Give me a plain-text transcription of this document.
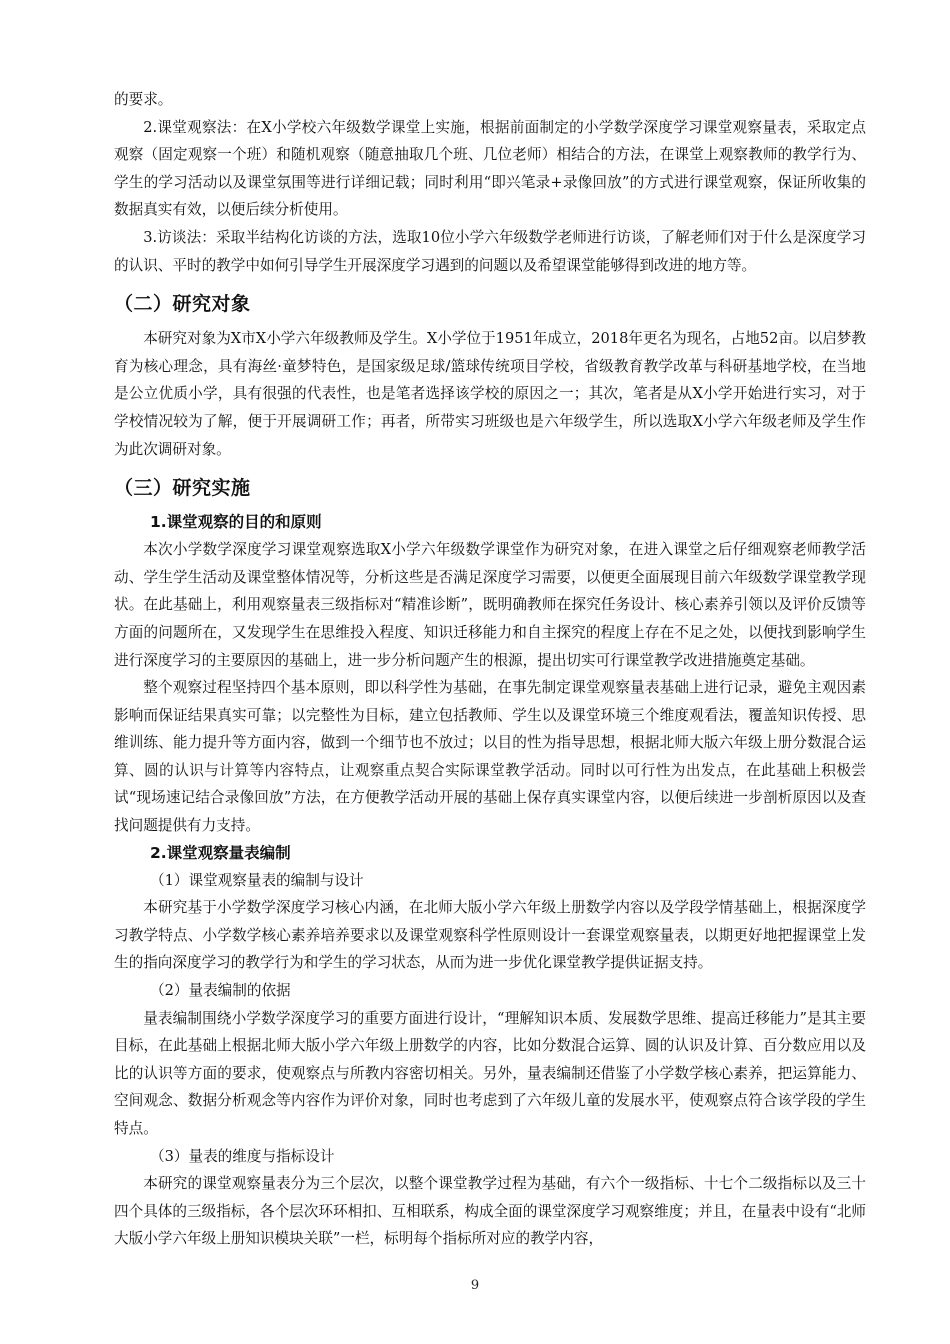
的要求。

2.课堂观察法：在X小学校六年级数学课堂上实施，根据前面制定的小学数学深度学习课堂观察量表，采取定点观察（固定观察一个班）和随机观察（随意抽取几个班、几位老师）相结合的方法，在课堂上观察教师的教学行为、学生的学习活动以及课堂氛围等进行详细记载；同时利用“即兴笔录+录像回放”的方式进行课堂观察，保证所收集的数据真实有效，以便后续分析使用。

3.访谈法：采取半结构化访谈的方法，选取10位小学六年级数学老师进行访谈，了解老师们对于什么是深度学习的认识、平时的教学中如何引导学生开展深度学习遇到的问题以及希望课堂能够得到改进的地方等。

（二）研究对象

本研究对象为X市X小学六年级教师及学生。X小学位于1951年成立，2018年更名为现名，占地52亩。以启梦教育为核心理念，具有海丝·童梦特色，是国家级足球/篮球传统项目学校，省级教育教学改革与科研基地学校，在当地是公立优质小学，具有很强的代表性，也是笔者选择该学校的原因之一；其次，笔者是从X小学开始进行实习，对于学校情况较为了解，便于开展调研工作；再者，所带实习班级也是六年级学生，所以选取X小学六年级老师及学生作为此次调研对象。

（三）研究实施
1.课堂观察的目的和原则

本次小学数学深度学习课堂观察选取X小学六年级数学课堂作为研究对象，在进入课堂之后仔细观察老师教学活动、学生学生活动及课堂整体情况等，分析这些是否满足深度学习需要，以便更全面展现目前六年级数学课堂教学现状。在此基础上，利用观察量表三级指标对“精准诊断”，既明确教师在探究任务设计、核心素养引领以及评价反馈等方面的问题所在，又发现学生在思维投入程度、知识迁移能力和自主探究的程度上存在不足之处，以便找到影响学生进行深度学习的主要原因的基础上，进一步分析问题产生的根源，提出切实可行课堂教学改进措施奠定基础。

整个观察过程坚持四个基本原则，即以科学性为基础，在事先制定课堂观察量表基础上进行记录，避免主观因素影响而保证结果真实可靠；以完整性为目标，建立包括教师、学生以及课堂环境三个维度观看法，覆盖知识传授、思维训练、能力提升等方面内容，做到一个细节也不放过；以目的性为指导思想，根据北师大版六年级上册分数混合运算、圆的认识与计算等内容特点，让观察重点契合实际课堂教学活动。同时以可行性为出发点，在此基础上积极尝试“现场速记结合录像回放”方法，在方便教学活动开展的基础上保存真实课堂内容，以便后续进一步剖析原因以及查找问题提供有力支持。

2.课堂观察量表编制
（1）课堂观察量表的编制与设计

本研究基于小学数学深度学习核心内涵，在北师大版小学六年级上册数学内容以及学段学情基础上，根据深度学习教学特点、小学数学核心素养培养要求以及课堂观察科学性原则设计一套课堂观察量表，以期更好地把握课堂上发生的指向深度学习的教学行为和学生的学习状态，从而为进一步优化课堂教学提供证据支持。

（2）量表编制的依据

量表编制围绕小学数学深度学习的重要方面进行设计，“理解知识本质、发展数学思维、提高迁移能力”是其主要目标，在此基础上根据北师大版小学六年级上册数学的内容，比如分数混合运算、圆的认识及计算、百分数应用以及比的认识等方面的要求，使观察点与所教内容密切相关。另外，量表编制还借鉴了小学数学核心素养，把运算能力、空间观念、数据分析观念等内容作为评价对象，同时也考虑到了六年级儿童的发展水平，使观察点符合该学段的学生特点。

（3）量表的维度与指标设计

本研究的课堂观察量表分为三个层次，以整个课堂教学过程为基础，有六个一级指标、十七个二级指标以及三十四个具体的三级指标，各个层次环环相扣、互相联系，构成全面的课堂深度学习观察维度；并且，在量表中设有“北师大版小学六年级上册知识模块关联”一栏，标明每个指标所对应的教学内容，

9
